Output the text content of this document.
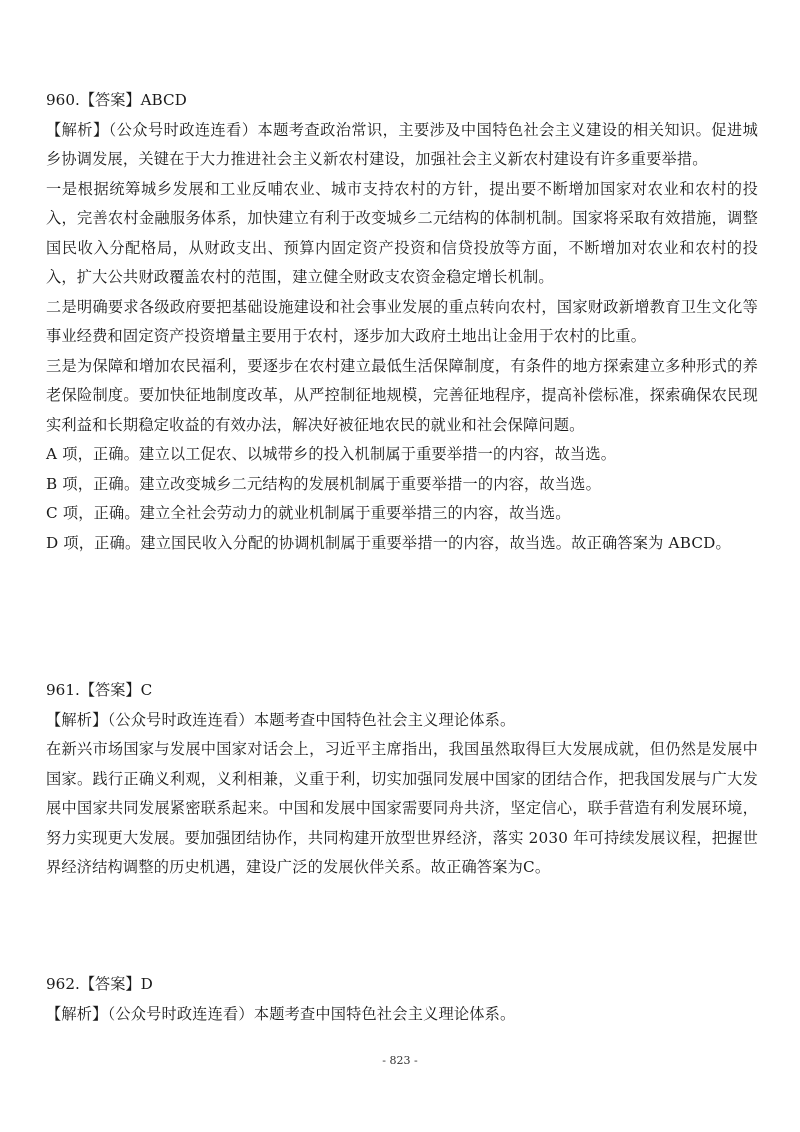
960.【答案】ABCD

【解析】（公众号时政连连看）本题考查政治常识，主要涉及中国特色社会主义建设的相关知识。促进城乡协调发展，关键在于大力推进社会主义新农村建设，加强社会主义新农村建设有许多重要举措。

一是根据统筹城乡发展和工业反哺农业、城市支持农村的方针，提出要不断增加国家对农业和农村的投入，完善农村金融服务体系，加快建立有利于改变城乡二元结构的体制机制。国家将采取有效措施，调整国民收入分配格局，从财政支出、预算内固定资产投资和信贷投放等方面，不断增加对农业和农村的投入，扩大公共财政覆盖农村的范围，建立健全财政支农资金稳定增长机制。

二是明确要求各级政府要把基础设施建设和社会事业发展的重点转向农村，国家财政新增教育卫生文化等事业经费和固定资产投资增量主要用于农村，逐步加大政府土地出让金用于农村的比重。

三是为保障和增加农民福利，要逐步在农村建立最低生活保障制度，有条件的地方探索建立多种形式的养老保险制度。要加快征地制度改革，从严控制征地规模，完善征地程序，提高补偿标准，探索确保农民现实利益和长期稳定收益的有效办法，解决好被征地农民的就业和社会保障问题。

A 项，正确。建立以工促农、以城带乡的投入机制属于重要举措一的内容，故当选。

B 项，正确。建立改变城乡二元结构的发展机制属于重要举措一的内容，故当选。

C 项，正确。建立全社会劳动力的就业机制属于重要举措三的内容，故当选。

D 项，正确。建立国民收入分配的协调机制属于重要举措一的内容，故当选。故正确答案为 ABCD。

961.【答案】C

【解析】（公众号时政连连看）本题考查中国特色社会主义理论体系。

在新兴市场国家与发展中国家对话会上，习近平主席指出，我国虽然取得巨大发展成就，但仍然是发展中国家。践行正确义利观，义利相兼，义重于利，切实加强同发展中国家的团结合作，把我国发展与广大发展中国家共同发展紧密联系起来。中国和发展中国家需要同舟共济，坚定信心，联手营造有利发展环境，努力实现更大发展。要加强团结协作，共同构建开放型世界经济，落实 2030 年可持续发展议程，把握世界经济结构调整的历史机遇，建设广泛的发展伙伴关系。故正确答案为C。

962.【答案】D

【解析】（公众号时政连连看）本题考查中国特色社会主义理论体系。

- 823 -
